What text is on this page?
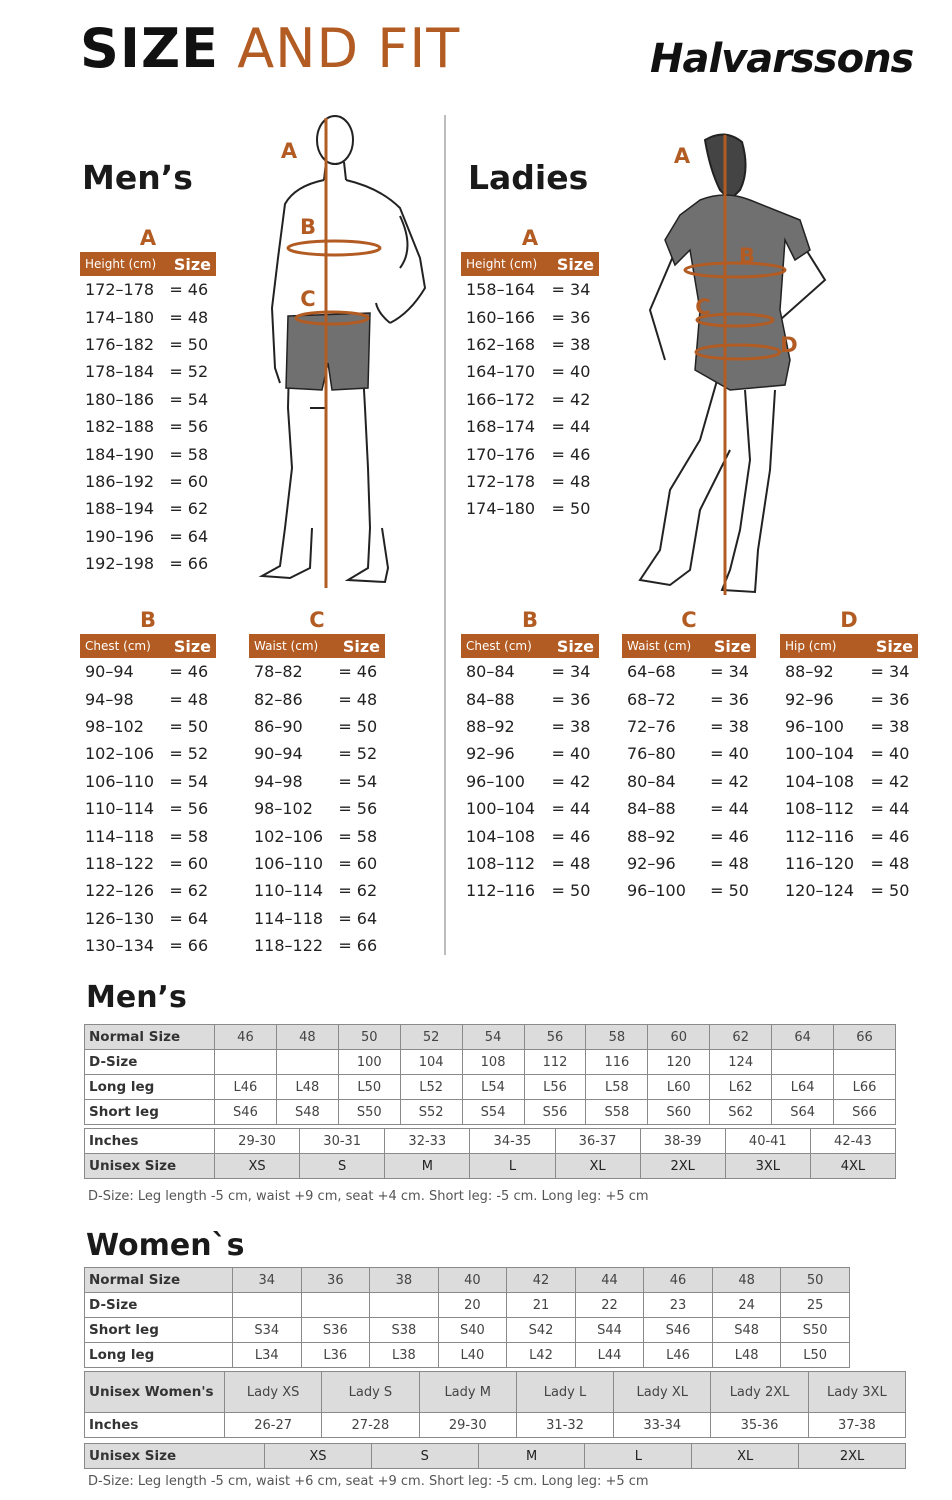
SIZE AND FIT	Halvarssons
Men’s	Ladies
A
B
C
A
B
C
D
A
Height (cm) Size
172–178 = 46
174–180 = 48
176–182 = 50
178–184 = 52
180–186 = 54
182–188 = 56
184–190 = 58
186–192 = 60
188–194 = 62
190–196 = 64
192–198 = 66
A
Height (cm) Size
158–164	= 34
160–166	= 36
162–168	= 38
164–170	= 40
166–172	= 42
168–174	= 44
170–176	= 46
172–178	= 48
174–180	= 50
B
Chest (cm) Size
90–94	= 46
94–98	= 48
98–102	= 50
102–106 = 52
106–110 = 54
110–114 = 56
114–118 = 58
118–122 = 60
122–126 = 62
126–130 = 64
130–134 = 66
C
Waist (cm) Size
78–82	= 46
82–86	= 48
86–90	= 50
90–94	= 52
94–98	= 54
98–102	= 56
102–106 = 58
106–110 = 60
110–114 = 62
114–118 = 64
118–122 = 66
B
Chest (cm) Size
80–84	= 34
84–88	= 36
88–92	= 38
92–96	= 40
96–100	= 42
100–104	= 44
104–108	= 46
108–112	= 48
112–116	= 50
C
Waist (cm) Size
64–68	= 34
68–72	= 36
72–76	= 38
76–80	= 40
80–84	= 42
84–88	= 44
88–92	= 46
92–96	= 48
96–100	= 50
D
Hip (cm) Size
88–92	= 34
92–96	= 36
96–100	= 38
100–104	= 40
104–108	= 42
108–112	= 44
112–116	= 46
116–120	= 48
120–124	= 50
Men’s
Normal Size	46	48	50	52	54	56	58	60	62	64	66
D-Size			100	104	108	112	116	120	124		
Long leg	L46	L48	L50	L52	L54	L56	L58	L60	L62	L64	L66
Short leg	S46	S48	S50	S52	S54	S56	S58	S60	S62	S64	S66
Inches	29-30	30-31	32-33	34-35	36-37	38-39	40-41	42-43
Unisex Size	XS	S	M	L	XL	2XL	3XL	4XL
D-Size: Leg length -5 cm, waist +9 cm, seat +4 cm. Short leg: -5 cm. Long leg: +5 cm
Women`s
Normal Size	34	36	38	40	42	44	46	48	50
D-Size				20	21	22	23	24	25
Short leg	S34	S36	S38	S40	S42	S44	S46	S48	S50
Long leg	L34	L36	L38	L40	L42	L44	L46	L48	L50
Unisex Women's	Lady XS	Lady S	Lady M	Lady L	Lady XL	Lady 2XL	Lady 3XL
Inches	26-27	27-28	29-30	31-32	33-34	35-36	37-38
Unisex Size	XS	S	M	L	XL	2XL
D-Size: Leg length -5 cm, waist +6 cm, seat +9 cm. Short leg: -5 cm. Long leg: +5 cm
